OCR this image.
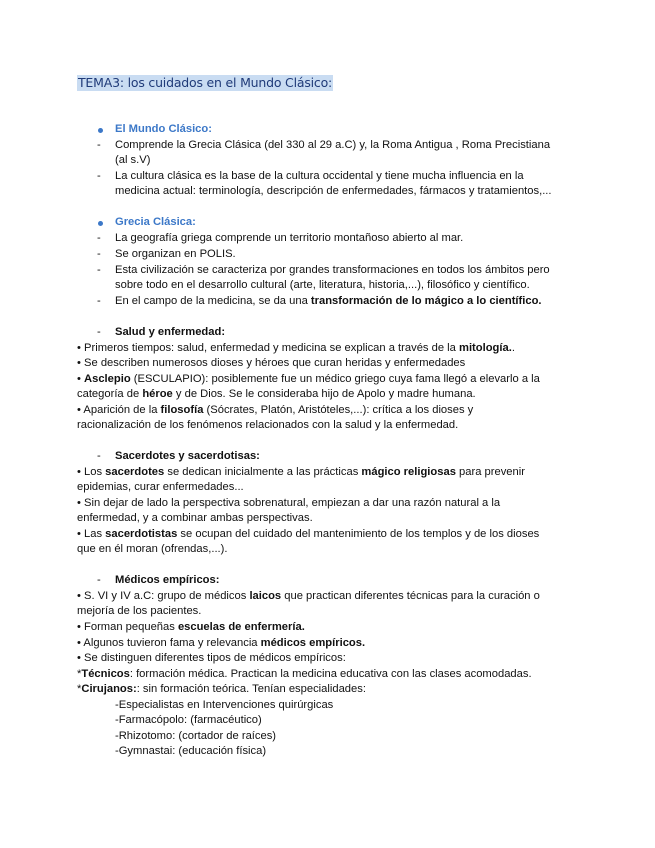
TEMA3: los cuidados en el Mundo Clásico:
El Mundo Clásico:
- Comprende la Grecia Clásica (del 330 al 29 a.C) y, la Roma Antigua , Roma Precistiana
(al s.V)
- La cultura clásica es la base de la cultura occidental y tiene mucha influencia en la
medicina actual: terminología, descripción de enfermedades, fármacos y tratamientos,...
Grecia Clásica:
- La geografía griega comprende un territorio montañoso abierto al mar.
- Se organizan en POLIS.
- Esta civilización se caracteriza por grandes transformaciones en todos los ámbitos pero
sobre todo en el desarrollo cultural (arte, literatura, historia,...), filosófico y científico.
- En el campo de la medicina, se da una transformación de lo mágico a lo científico.
- Salud y enfermedad:
• Primeros tiempos: salud, enfermedad y medicina se explican a través de la mitología..
• Se describen numerosos dioses y héroes que curan heridas y enfermedades
• Asclepio (ESCULAPIO): posiblemente fue un médico griego cuya fama llegó a elevarlo a la
categoría de héroe y de Dios. Se le consideraba hijo de Apolo y madre humana.
• Aparición de la filosofía (Sócrates, Platón, Aristóteles,...): crítica a los dioses y
racionalización de los fenómenos relacionados con la salud y la enfermedad.
- Sacerdotes y sacerdotisas:
• Los sacerdotes se dedican inicialmente a las prácticas mágico religiosas para prevenir
epidemias, curar enfermedades...
• Sin dejar de lado la perspectiva sobrenatural, empiezan a dar una razón natural a la
enfermedad, y a combinar ambas perspectivas.
• Las sacerdotistas se ocupan del cuidado del mantenimiento de los templos y de los dioses
que en él moran (ofrendas,...).
- Médicos empíricos:
• S. VI y IV a.C: grupo de médicos laicos que practican diferentes técnicas para la curación o
mejoría de los pacientes.
• Forman pequeñas escuelas de enfermería.
• Algunos tuvieron fama y relevancia médicos empíricos.
• Se distinguen diferentes tipos de médicos empíricos:
*Técnicos: formación médica. Practican la medicina educativa con las clases acomodadas.
*Cirujanos:: sin formación teórica. Tenían especialidades:
-Especialistas en Intervenciones quirúrgicas
-Farmacópolo: (farmacéutico)
-Rhizotomo: (cortador de raíces)
-Gymnastai: (educación física)
